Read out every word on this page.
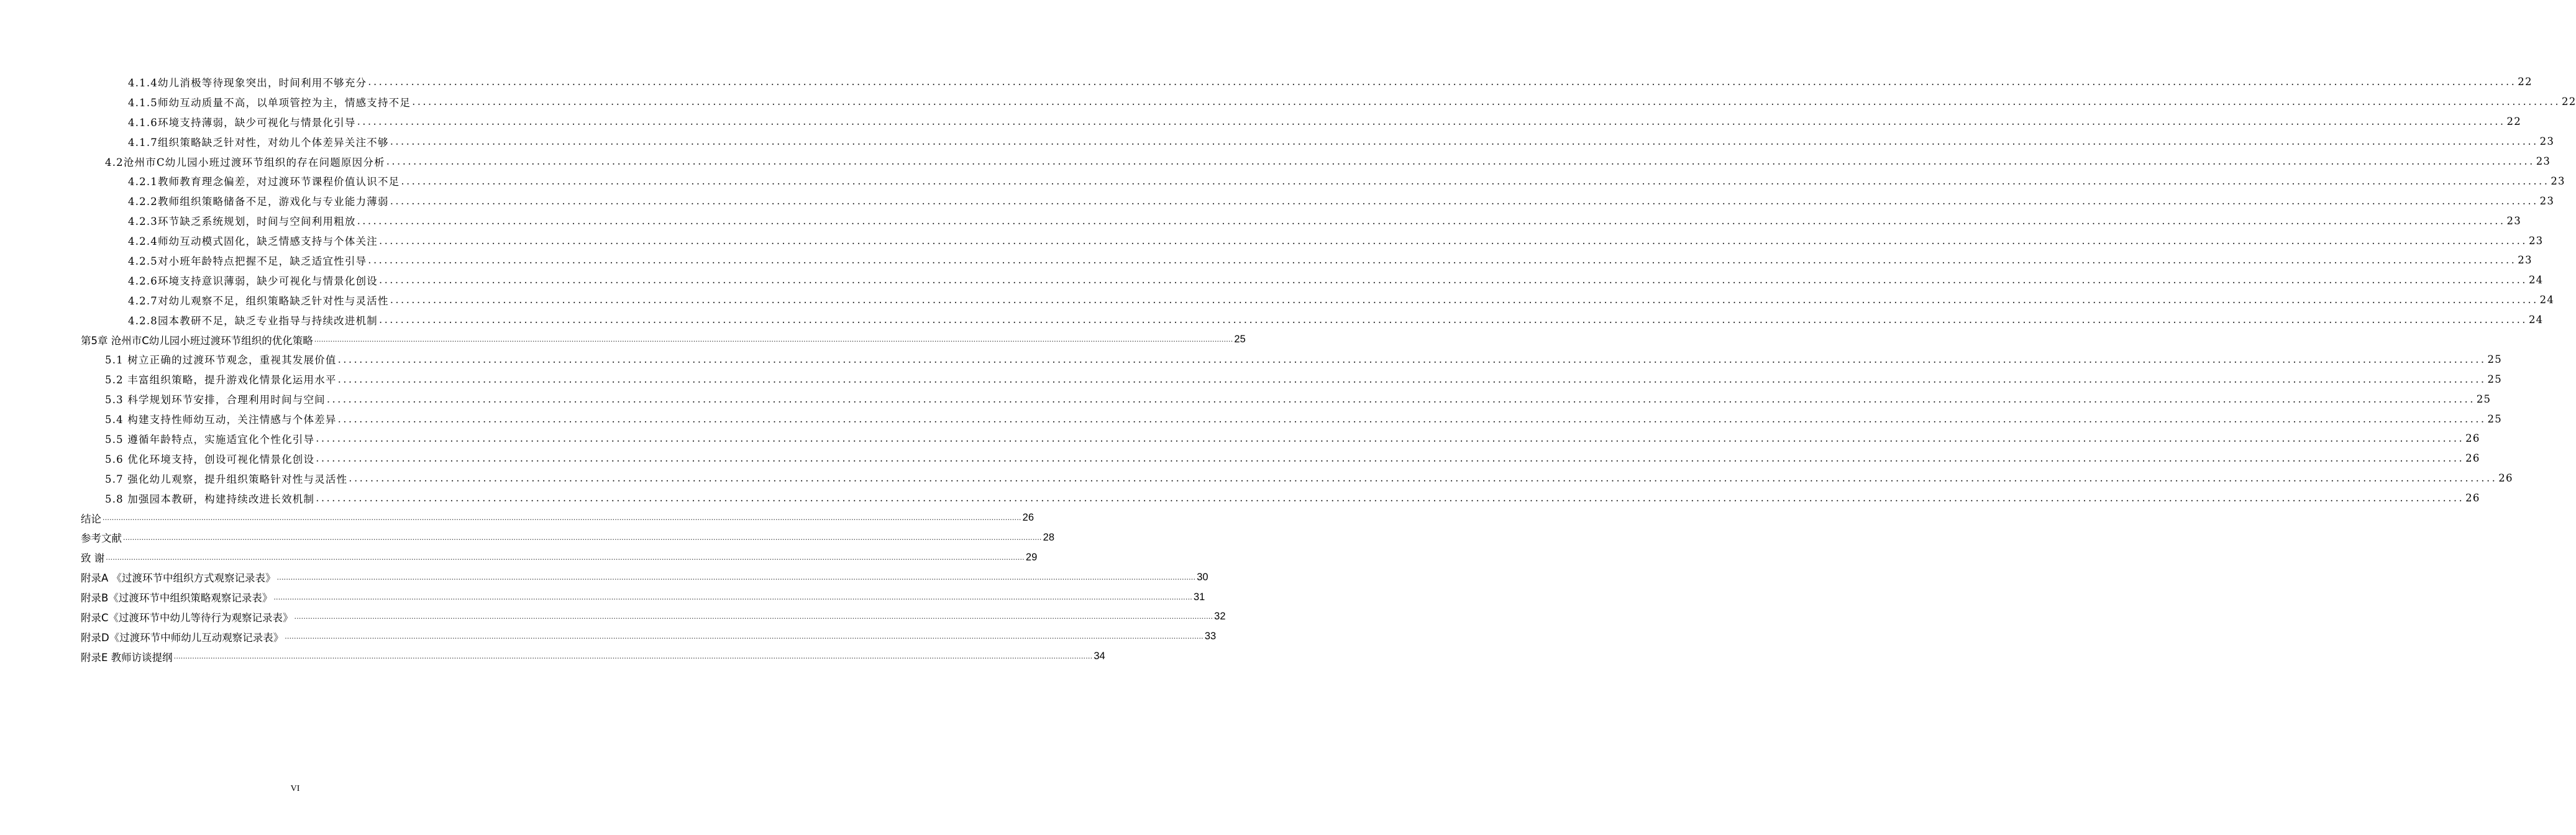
4.1.4幼儿消极等待现象突出，时间利用不够充分 ................................................................................................................................................................................................................................................................................................................................................................................................................ 22
4.1.5师幼互动质量不高，以单项管控为主，情感支持不足 ................................................................................................................................................................................................................................................................................................................................................................................................................ 22
4.1.6环境支持薄弱，缺少可视化与情景化引导 ................................................................................................................................................................................................................................................................................................................................................................................................................ 22
4.1.7组织策略缺乏针对性，对幼儿个体差异关注不够 ................................................................................................................................................................................................................................................................................................................................................................................................................ 23
4.2沧州市C幼儿园小班过渡环节组织的存在问题原因分析 ................................................................................................................................................................................................................................................................................................................................................................................................................ 23
4.2.1教师教育理念偏差，对过渡环节课程价值认识不足 ................................................................................................................................................................................................................................................................................................................................................................................................................ 23
4.2.2教师组织策略储备不足，游戏化与专业能力薄弱 ................................................................................................................................................................................................................................................................................................................................................................................................................ 23
4.2.3环节缺乏系统规划，时间与空间利用粗放 ................................................................................................................................................................................................................................................................................................................................................................................................................ 23
4.2.4师幼互动模式固化，缺乏情感支持与个体关注 ................................................................................................................................................................................................................................................................................................................................................................................................................ 23
4.2.5对小班年龄特点把握不足，缺乏适宜性引导 ................................................................................................................................................................................................................................................................................................................................................................................................................ 23
4.2.6环境支持意识薄弱，缺少可视化与情景化创设 ................................................................................................................................................................................................................................................................................................................................................................................................................ 24
4.2.7对幼儿观察不足，组织策略缺乏针对性与灵活性 ................................................................................................................................................................................................................................................................................................................................................................................................................ 24
4.2.8园本教研不足，缺乏专业指导与持续改进机制 ................................................................................................................................................................................................................................................................................................................................................................................................................ 24
第5章 沧州市C幼儿园小班过渡环节组织的优化策略 ................................................................................................................................................................................................................................................................................................................................................................................................................ 25
5.1 树立正确的过渡环节观念，重视其发展价值 ................................................................................................................................................................................................................................................................................................................................................................................................................ 25
5.2 丰富组织策略，提升游戏化情景化运用水平 ................................................................................................................................................................................................................................................................................................................................................................................................................ 25
5.3 科学规划环节安排，合理利用时间与空间 ................................................................................................................................................................................................................................................................................................................................................................................................................ 25
5.4 构建支持性师幼互动，关注情感与个体差异 ................................................................................................................................................................................................................................................................................................................................................................................................................ 25
5.5 遵循年龄特点，实施适宜化个性化引导 ................................................................................................................................................................................................................................................................................................................................................................................................................ 26
5.6 优化环境支持，创设可视化情景化创设 ................................................................................................................................................................................................................................................................................................................................................................................................................ 26
5.7 强化幼儿观察，提升组织策略针对性与灵活性 ................................................................................................................................................................................................................................................................................................................................................................................................................ 26
5.8 加强园本教研，构建持续改进长效机制 ................................................................................................................................................................................................................................................................................................................................................................................................................ 26
结论 ................................................................................................................................................................................................................................................................................................................................................................................................................ 26
参考文献 ................................................................................................................................................................................................................................................................................................................................................................................................................ 28
致 谢 ................................................................................................................................................................................................................................................................................................................................................................................................................ 29
附录A 《过渡环节中组织方式观察记录表》 ................................................................................................................................................................................................................................................................................................................................................................................................................ 30
附录B《过渡环节中组织策略观察记录表》 ................................................................................................................................................................................................................................................................................................................................................................................................................ 31
附录C《过渡环节中幼儿等待行为观察记录表》 ................................................................................................................................................................................................................................................................................................................................................................................................................ 32
附录D《过渡环节中师幼儿互动观察记录表》 ................................................................................................................................................................................................................................................................................................................................................................................................................ 33
附录E 教师访谈提纲 ................................................................................................................................................................................................................................................................................................................................................................................................................ 34
VI
